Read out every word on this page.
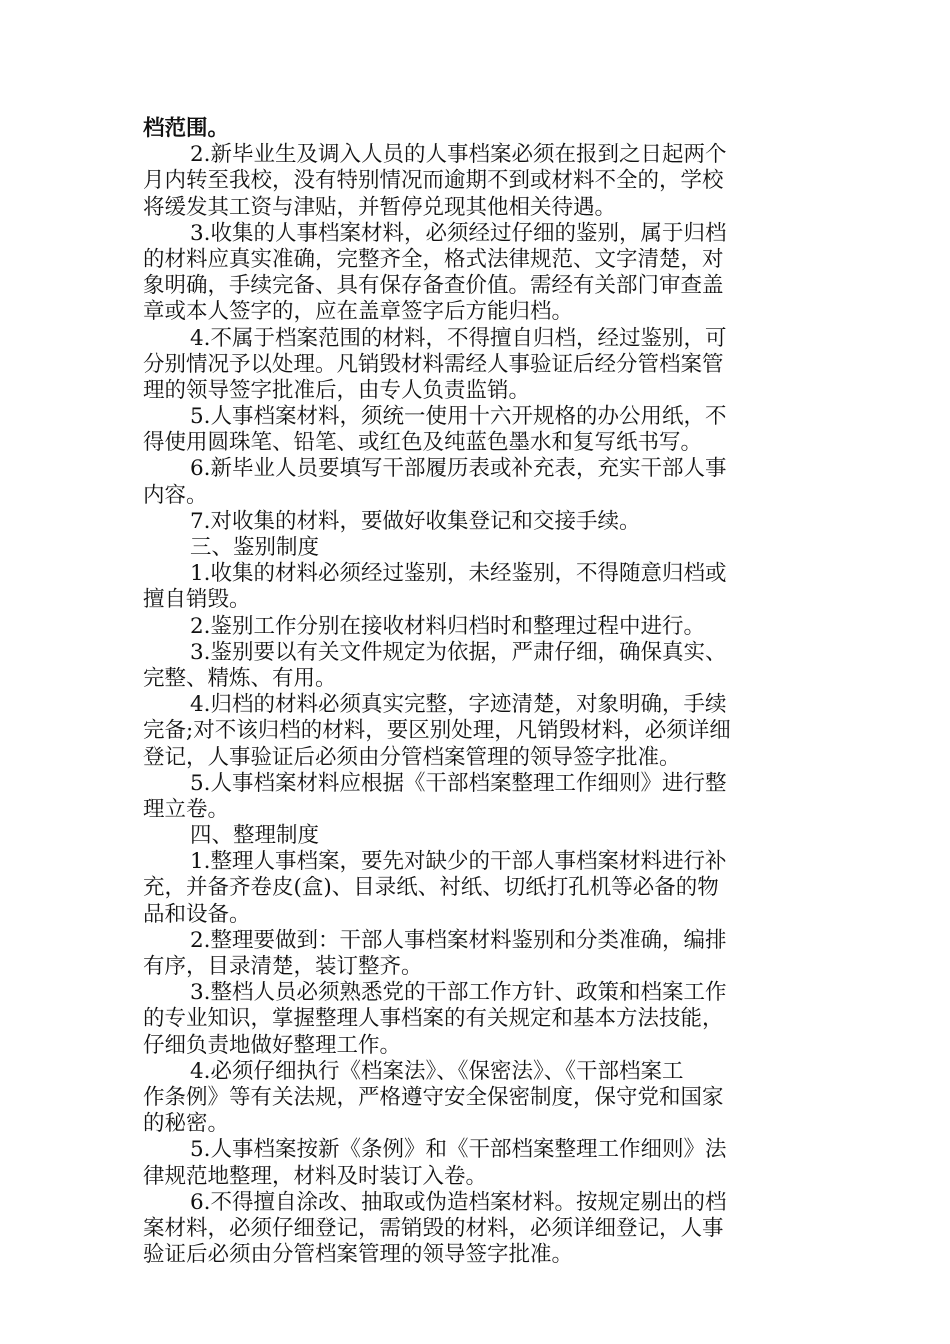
档范围。
2.新毕业生及调入人员的人事档案必须在报到之日起两个
月内转至我校，没有特别情况而逾期不到或材料不全的，学校
将缓发其工资与津贴，并暂停兑现其他相关待遇。
3.收集的人事档案材料，必须经过仔细的鉴别，属于归档
的材料应真实准确，完整齐全，格式法律规范、文字清楚，对
象明确，手续完备、具有保存备查价值。需经有关部门审查盖
章或本人签字的，应在盖章签字后方能归档。
4.不属于档案范围的材料，不得擅自归档，经过鉴别，可
分别情况予以处理。凡销毁材料需经人事验证后经分管档案管
理的领导签字批准后，由专人负责监销。
5.人事档案材料，须统一使用十六开规格的办公用纸，不
得使用圆珠笔、铅笔、或红色及纯蓝色墨水和复写纸书写。
6.新毕业人员要填写干部履历表或补充表，充实干部人事
内容。
7.对收集的材料，要做好收集登记和交接手续。
三、鉴别制度
1.收集的材料必须经过鉴别，未经鉴别，不得随意归档或
擅自销毁。
2.鉴别工作分别在接收材料归档时和整理过程中进行。
3.鉴别要以有关文件规定为依据，严肃仔细，确保真实、
完整、精炼、有用。
4.归档的材料必须真实完整，字迹清楚，对象明确，手续
完备;对不该归档的材料，要区别处理，凡销毁材料，必须详细
登记，人事验证后必须由分管档案管理的领导签字批准。
5.人事档案材料应根据《干部档案整理工作细则》进行整
理立卷。
四、整理制度
1.整理人事档案，要先对缺少的干部人事档案材料进行补
充，并备齐卷皮(盒)、目录纸、衬纸、切纸打孔机等必备的物
品和设备。
2.整理要做到：干部人事档案材料鉴别和分类准确，编排
有序，目录清楚，装订整齐。
3.整档人员必须熟悉党的干部工作方针、政策和档案工作
的专业知识，掌握整理人事档案的有关规定和基本方法技能，
仔细负责地做好整理工作。
4.必须仔细执行《档案法》、《保密法》、《干部档案工
作条例》等有关法规，严格遵守安全保密制度，保守党和国家
的秘密。
5.人事档案按新《条例》和《干部档案整理工作细则》法
律规范地整理，材料及时装订入卷。
6.不得擅自涂改、抽取或伪造档案材料。按规定剔出的档
案材料，必须仔细登记，需销毁的材料，必须详细登记，人事
验证后必须由分管档案管理的领导签字批准。
